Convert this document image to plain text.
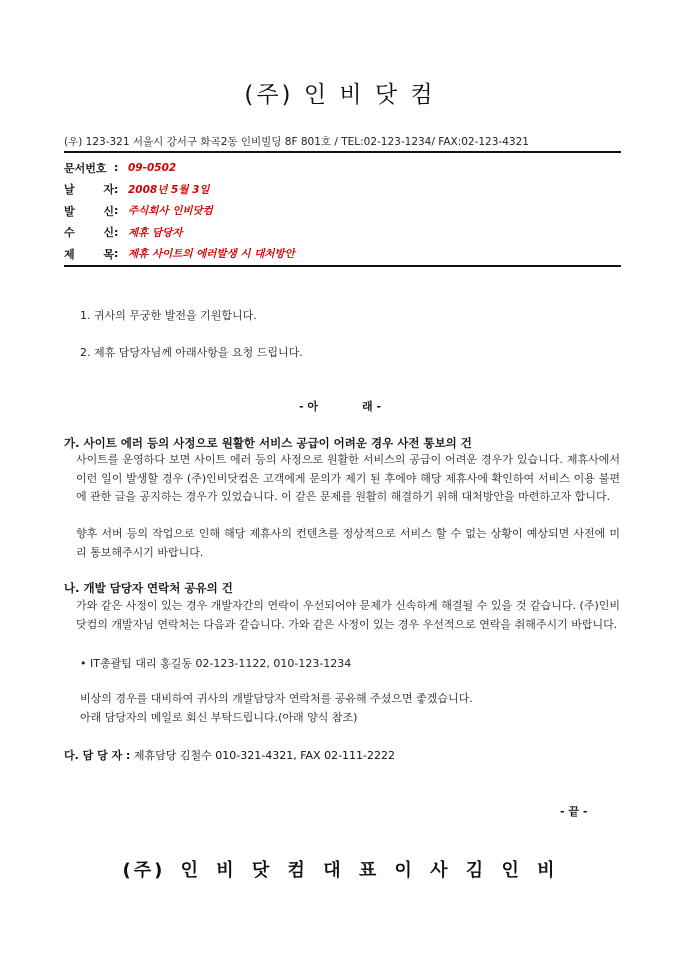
(주) 인 비 닷 컴
(우) 123-321 서울시 강서구 화곡2동 인비빌딩 8F 801호 / TEL:02-123-1234/ FAX:02-123-4321
문서번호 : 09-0502
날	자 : 2008년 5월 3일
발	신 : 주식회사 인비닷컴
수	신 : 제휴 담당자
제	목 : 제휴 사이트의 에러발생 시 대처방안
1. 귀사의 무궁한 발전을 기원합니다.
2. 제휴 담당자님께 아래사항을 요청 드립니다.
- 아	래 -
가. 사이트 에러 등의 사정으로 원활한 서비스 공급이 어려운 경우 사전 통보의 건
사이트를 운영하다 보면 사이트 에러 등의 사정으로 원활한 서비스의 공급이 어려운 경우가 있습니다. 제휴사에서 이런 일이 발생할 경우 (주)인비닷컴은 고객에게 문의가 제기 된 후에야 해당 제휴사에 확인하여 서비스 이용 불편에 관한 글을 공지하는 경우가 있었습니다. 이 같은 문제를 원활히 해결하기 위해 대처방안을 마련하고자 합니다.
향후 서버 등의 작업으로 인해 해당 제휴사의 컨텐츠를 정상적으로 서비스 할 수 없는 상황이 예상되면 사전에 미리 통보해주시기 바랍니다.
나. 개발 담당자 연락처 공유의 건
가와 같은 사정이 있는 경우 개발자간의 연락이 우선되어야 문제가 신속하게 해결될 수 있을 것 같습니다. (주)인비닷컴의 개발자님 연락처는 다음과 같습니다. 가와 같은 사정이 있는 경우 우선적으로 연락을 취해주시기 바랍니다.
• IT총괄팀 대리 홍길동 02-123-1122, 010-123-1234
비상의 경우를 대비하여 귀사의 개발담당자 연락처를 공유해 주셨으면 좋겠습니다.
아래 담당자의 메일로 회신 부탁드립니다.(아래 양식 참조)
다. 담 당 자 : 제휴담당 김철수 010-321-4321, FAX 02-111-2222
- 끝 -
(주) 인 비 닷 컴 대 표 이 사 김 인 비
